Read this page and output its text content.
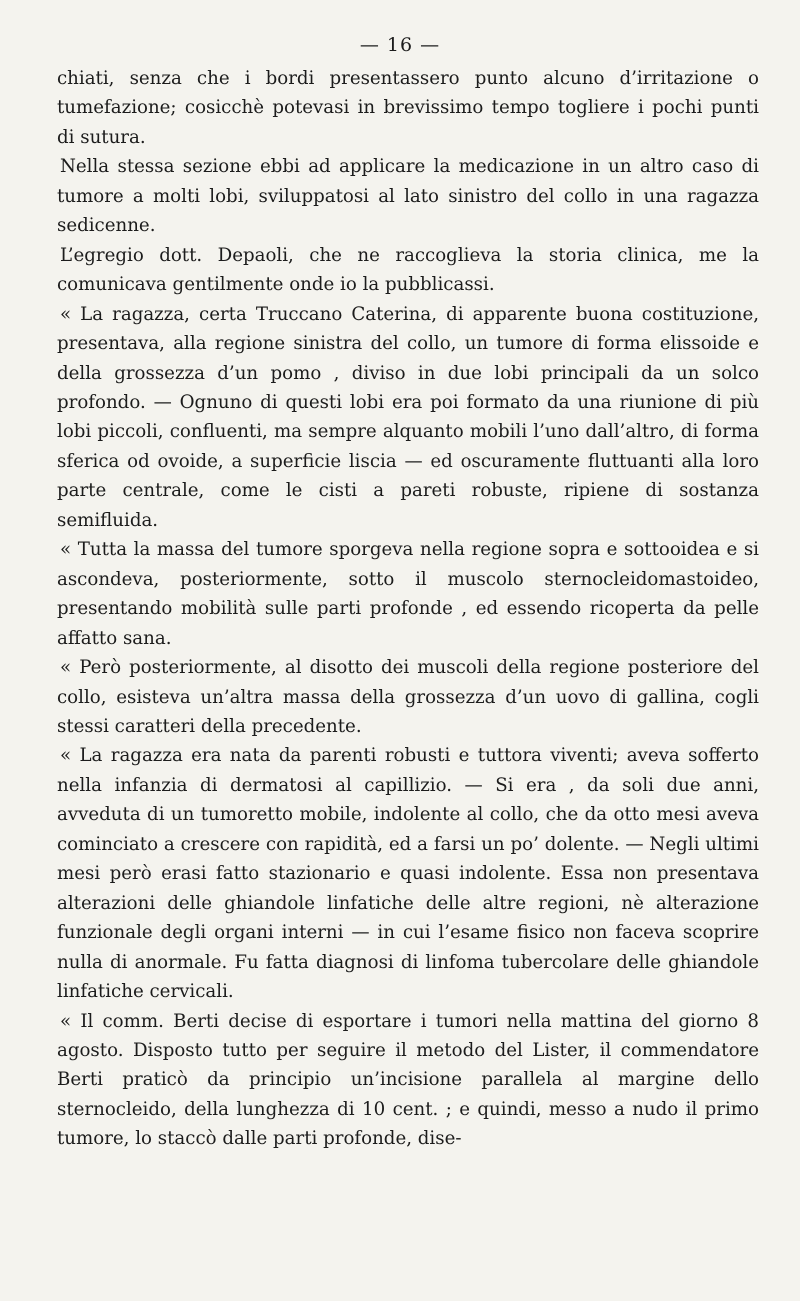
— 16 —

chiati, senza che i bordi presentassero punto alcuno d’irritazione o tumefazione; cosicchè potevasi in brevissimo tempo togliere i pochi punti di sutura.

Nella stessa sezione ebbi ad applicare la medicazione in un altro caso di tumore a molti lobi, sviluppatosi al lato sinistro del collo in una ragazza sedicenne.

L’egregio dott. Depaoli, che ne raccoglieva la storia clinica, me la comunicava gentilmente onde io la pubblicassi.

« La ragazza, certa Truccano Caterina, di apparente buona costituzione, presentava, alla regione sinistra del collo, un tumore di forma elissoide e della grossezza d’un pomo , diviso in due lobi principali da un solco profondo. — Ognuno di questi lobi era poi formato da una riunione di più lobi piccoli, confluenti, ma sempre alquanto mobili l’uno dall’altro, di forma sferica od ovoide, a superficie liscia — ed oscuramente fluttuanti alla loro parte centrale, come le cisti a pareti robuste, ripiene di sostanza semifluida.

« Tutta la massa del tumore sporgeva nella regione sopra e sottooidea e si ascondeva, posteriormente, sotto il muscolo sternocleidomastoideo, presentando mobilità sulle parti profonde , ed essendo ricoperta da pelle affatto sana.

« Però posteriormente, al disotto dei muscoli della regione posteriore del collo, esisteva un’altra massa della grossezza d’un uovo di gallina, cogli stessi caratteri della precedente.

« La ragazza era nata da parenti robusti e tuttora viventi; aveva sofferto nella infanzia di dermatosi al capillizio. — Si era , da soli due anni, avveduta di un tumoretto mobile, indolente al collo, che da otto mesi aveva cominciato a crescere con rapidità, ed a farsi un po’ dolente. — Negli ultimi mesi però erasi fatto stazionario e quasi indolente. Essa non presentava alterazioni delle ghiandole linfatiche delle altre regioni, nè alterazione funzionale degli organi interni — in cui l’esame fisico non faceva scoprire nulla di anormale. Fu fatta diagnosi di linfoma tubercolare delle ghiandole linfatiche cervicali.

« Il comm. Berti decise di esportare i tumori nella mattina del giorno 8 agosto. Disposto tutto per seguire il metodo del Lister, il commendatore Berti praticò da principio un’incisione parallela al margine dello sternocleido, della lunghezza di 10 cent. ; e quindi, messo a nudo il primo tumore, lo staccò dalle parti profonde, dise-
